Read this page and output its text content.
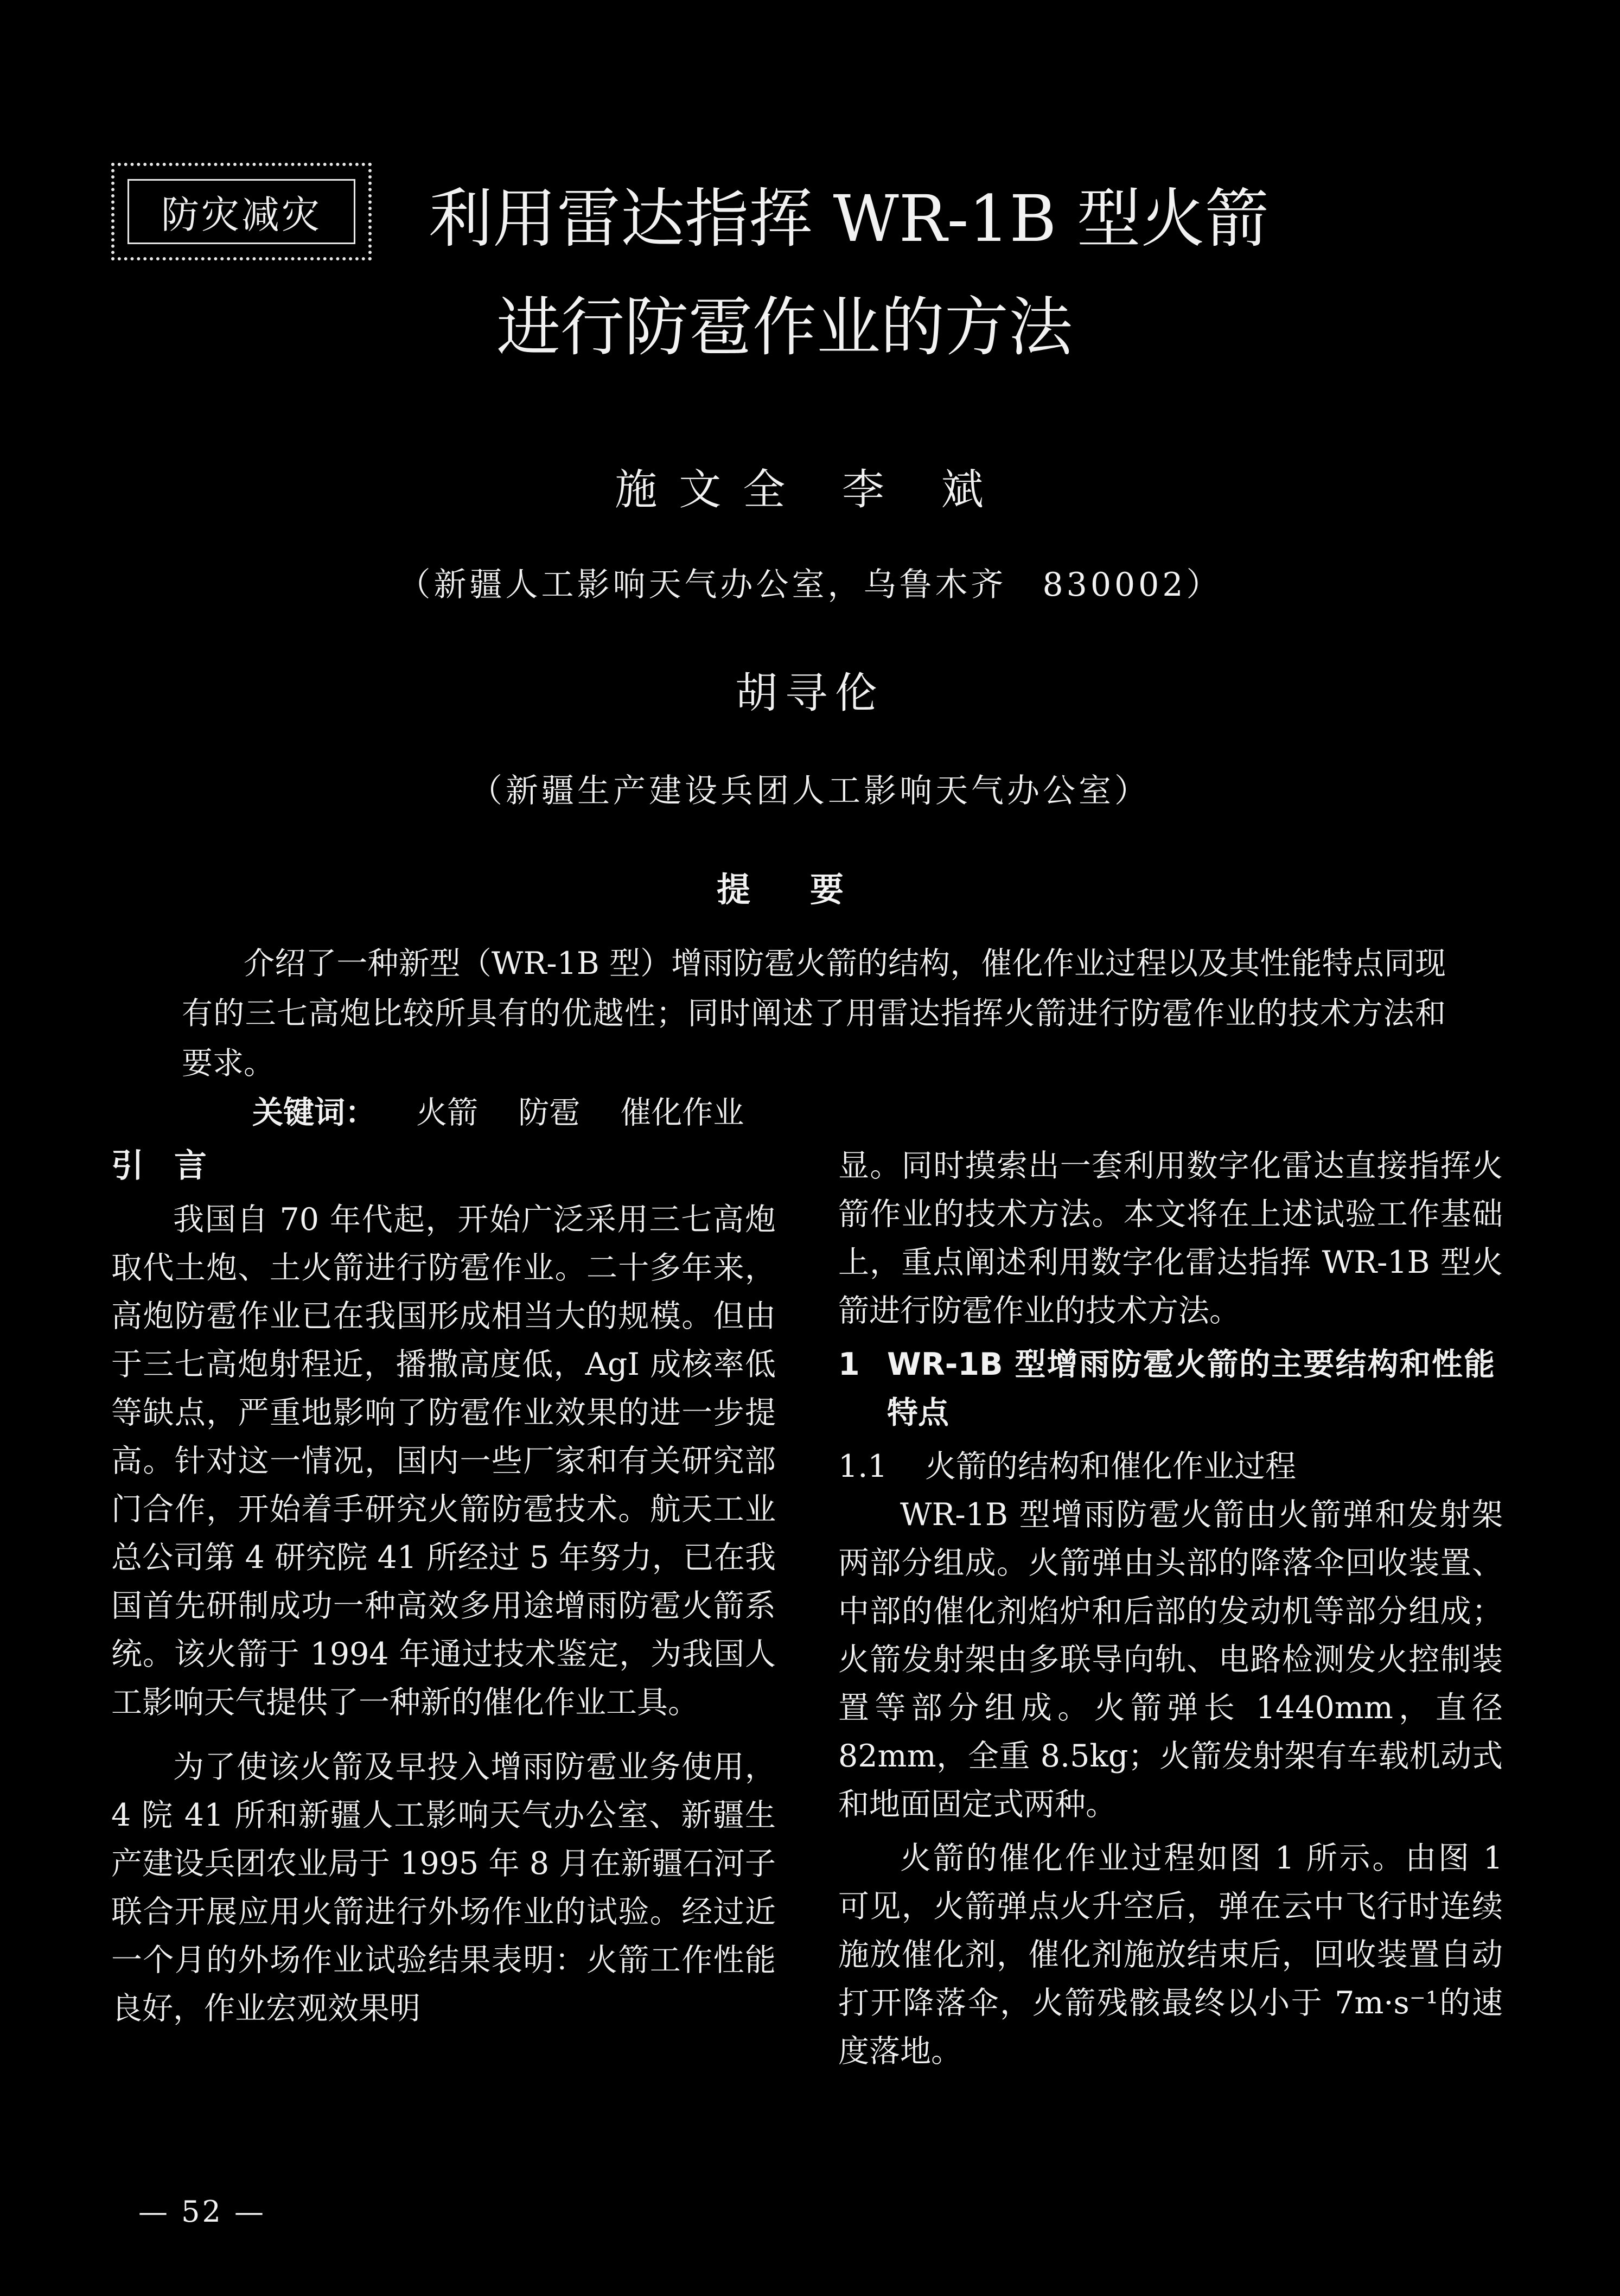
防灾减灾	利用雷达指挥 WR-1B 型火箭
进行防雹作业的方法
施文全 李 斌
（新疆人工影响天气办公室，乌鲁木齐　830002）
胡寻伦
（新疆生产建设兵团人工影响天气办公室）
提要
介绍了一种新型（WR-1B 型）增雨防雹火箭的结构，催化作业过程以及其性能特点同现有的三七高炮比较所具有的优越性；同时阐述了用雷达指挥火箭进行防雹作业的技术方法和要求。
关键词： 火箭 防雹 催化作业
引言

我国自 70 年代起，开始广泛采用三七高炮取代土炮、土火箭进行防雹作业。二十多年来，高炮防雹作业已在我国形成相当大的规模。但由于三七高炮射程近，播撒高度低，AgI 成核率低等缺点，严重地影响了防雹作业效果的进一步提高。针对这一情况，国内一些厂家和有关研究部门合作，开始着手研究火箭防雹技术。航天工业总公司第 4 研究院 41 所经过 5 年努力，已在我国首先研制成功一种高效多用途增雨防雹火箭系统。该火箭于 1994 年通过技术鉴定，为我国人工影响天气提供了一种新的催化作业工具。

为了使该火箭及早投入增雨防雹业务使用，4 院 41 所和新疆人工影响天气办公室、新疆生产建设兵团农业局于 1995 年 8 月在新疆石河子联合开展应用火箭进行外场作业的试验。经过近一个月的外场作业试验结果表明：火箭工作性能良好，作业宏观效果明

显。同时摸索出一套利用数字化雷达直接指挥火箭作业的技术方法。本文将在上述试验工作基础上，重点阐述利用数字化雷达指挥 WR-1B 型火箭进行防雹作业的技术方法。

1 WR-1B 型增雨防雹火箭的主要结构和性能特点
1.1 火箭的结构和催化作业过程

WR-1B 型增雨防雹火箭由火箭弹和发射架两部分组成。火箭弹由头部的降落伞回收装置、中部的催化剂焰炉和后部的发动机等部分组成；火箭发射架由多联导向轨、电路检测发火控制装置等部分组成。火箭弹长 1440mm，直径 82mm，全重 8.5kg；火箭发射架有车载机动式和地面固定式两种。

火箭的催化作业过程如图 1 所示。由图 1 可见，火箭弹点火升空后，弹在云中飞行时连续施放催化剂，催化剂施放结束后，回收装置自动打开降落伞，火箭残骸最终以小于 7m·s⁻¹的速度落地。

— 52 —
